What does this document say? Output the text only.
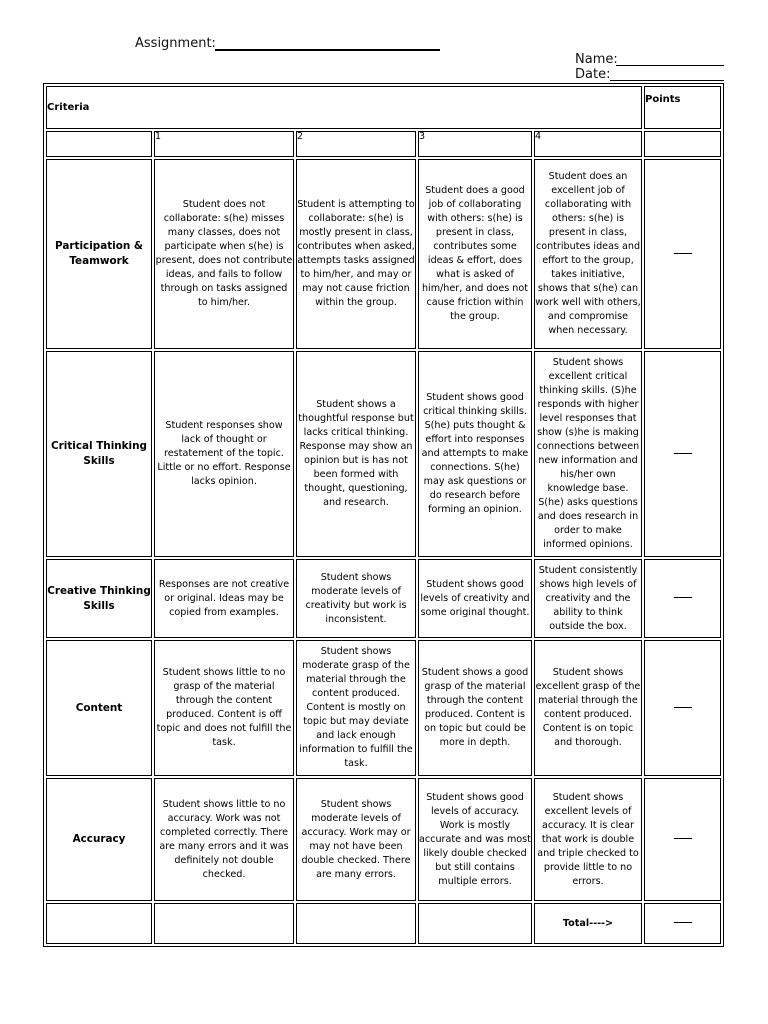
Assignment:
Name:
Date:
Criteria					Points
	1	2	3	4	
Participation & Teamwork	Student does not collaborate: s(he) misses many classes, does not participate when s(he) is present, does not contribute ideas, and fails to follow through on tasks assigned to him/her.	Student is attempting to collaborate: s(he) is mostly present in class, contributes when asked, attempts tasks assigned to him/her, and may or may not cause friction within the group.	Student does a good job of collaborating with others: s(he) is present in class, contributes some ideas & effort, does what is asked of him/her, and does not cause friction within the group.	Student does an excellent job of collaborating with others: s(he) is present in class, contributes ideas and effort to the group, takes initiative, shows that s(he) can work well with others, and compromise when necessary.	
Critical Thinking Skills	Student responses show lack of thought or restatement of the topic. Little or no effort. Response lacks opinion.	Student shows a thoughtful response but lacks critical thinking. Response may show an opinion but is has not been formed with thought, questioning, and research.	Student shows good critical thinking skills. S(he) puts thought & effort into responses and attempts to make connections. S(he) may ask questions or do research before forming an opinion.	Student shows excellent critical thinking skills. (S)he responds with higher level responses that show (s)he is making connections between new information and his/her own knowledge base. S(he) asks questions and does research in order to make informed opinions.	
Creative Thinking Skills	Responses are not creative or original. Ideas may be copied from examples.	Student shows moderate levels of creativity but work is inconsistent.	Student shows good levels of creativity and some original thought.	Student consistently shows high levels of creativity and the ability to think outside the box.	
Content	Student shows little to no grasp of the material through the content produced. Content is off topic and does not fulfill the task.	Student shows moderate grasp of the material through the content produced. Content is mostly on topic but may deviate and lack enough information to fulfill the task.	Student shows a good grasp of the material through the content produced. Content is on topic but could be more in depth.	Student shows excellent grasp of the material through the content produced. Content is on topic and thorough.	
Accuracy	Student shows little to no accuracy. Work was not completed correctly. There are many errors and it was definitely not double checked.	Student shows moderate levels of accuracy. Work may or may not have been double checked. There are many errors.	Student shows good levels of accuracy. Work is mostly accurate and was most likely double checked but still contains multiple errors.	Student shows excellent levels of accuracy. It is clear that work is double and triple checked to provide little to no errors.	
				Total---->	
